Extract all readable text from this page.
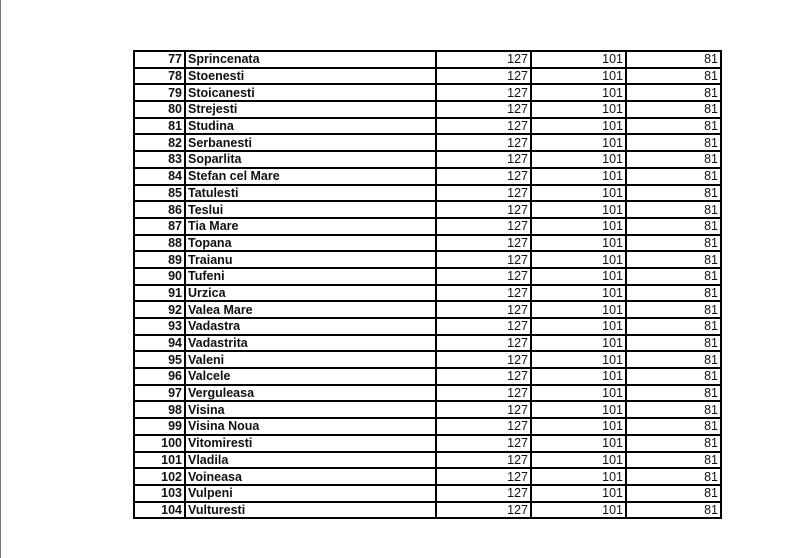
77	Sprincenata	127	101	81
78	Stoenesti	127	101	81
79	Stoicanesti	127	101	81
80	Strejesti	127	101	81
81	Studina	127	101	81
82	Serbanesti	127	101	81
83	Soparlita	127	101	81
84	Stefan cel Mare	127	101	81
85	Tatulesti	127	101	81
86	Teslui	127	101	81
87	Tia Mare	127	101	81
88	Topana	127	101	81
89	Traianu	127	101	81
90	Tufeni	127	101	81
91	Urzica	127	101	81
92	Valea Mare	127	101	81
93	Vadastra	127	101	81
94	Vadastrita	127	101	81
95	Valeni	127	101	81
96	Valcele	127	101	81
97	Verguleasa	127	101	81
98	Visina	127	101	81
99	Visina Noua	127	101	81
100	Vitomiresti	127	101	81
101	Vladila	127	101	81
102	Voineasa	127	101	81
103	Vulpeni	127	101	81
104	Vulturesti	127	101	81
